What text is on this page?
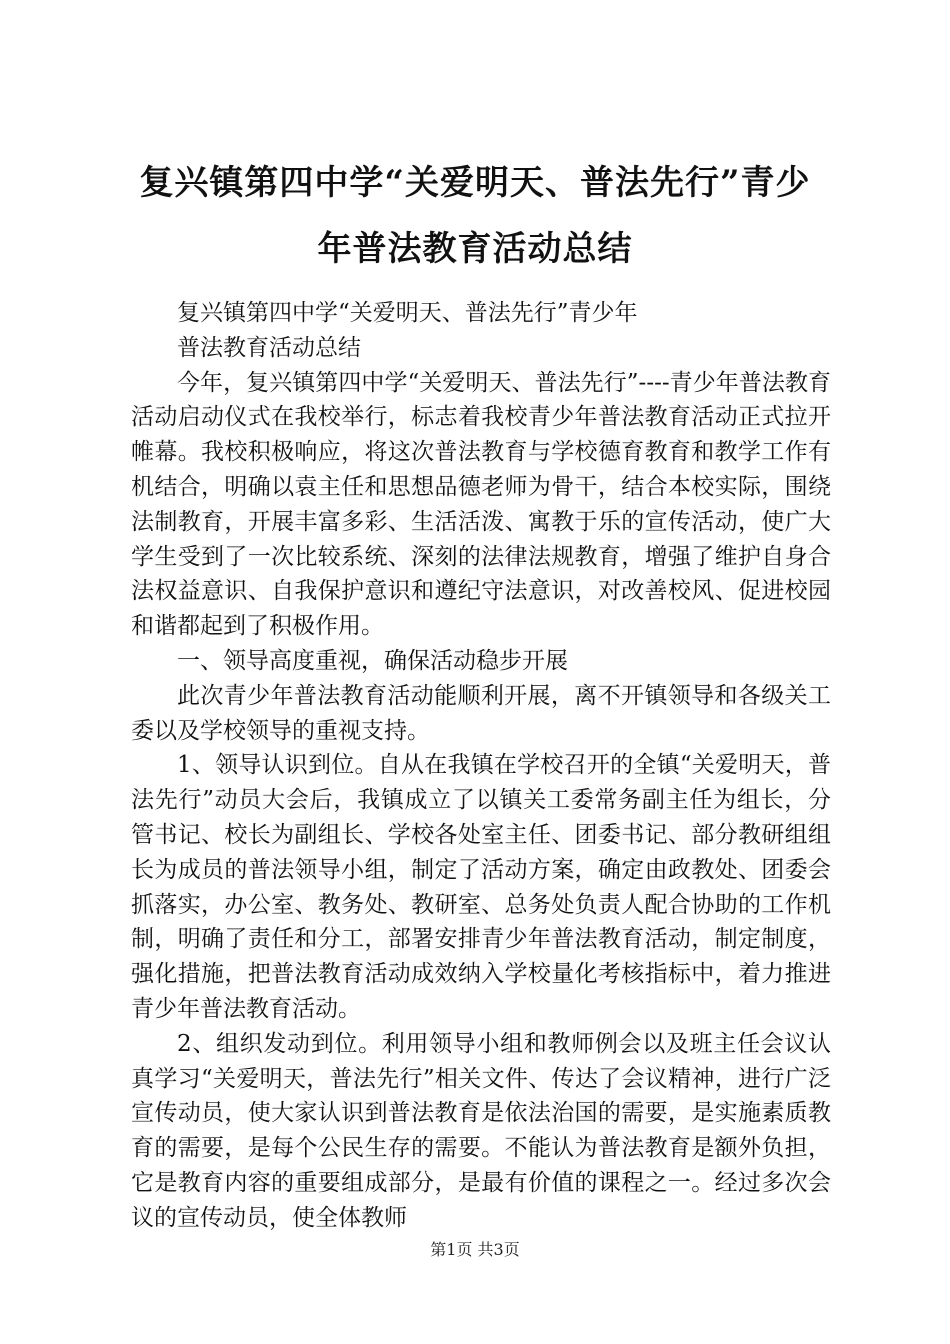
复兴镇第四中学“关爱明天、普法先行”青少
年普法教育活动总结

复兴镇第四中学“关爱明天、普法先行”青少年

普法教育活动总结

今年，复兴镇第四中学“关爱明天、普法先行”----青少年普法教育活动启动仪式在我校举行，标志着我校青少年普法教育活动正式拉开帷幕。我校积极响应，将这次普法教育与学校德育教育和教学工作有机结合，明确以袁主任和思想品德老师为骨干，结合本校实际，围绕法制教育，开展丰富多彩、生活活泼、寓教于乐的宣传活动，使广大学生受到了一次比较系统、深刻的法律法规教育，增强了维护自身合法权益意识、自我保护意识和遵纪守法意识，对改善校风、促进校园和谐都起到了积极作用。

一、领导高度重视，确保活动稳步开展

此次青少年普法教育活动能顺利开展，离不开镇领导和各级关工委以及学校领导的重视支持。

1、领导认识到位。自从在我镇在学校召开的全镇“关爱明天，普法先行”动员大会后，我镇成立了以镇关工委常务副主任为组长，分管书记、校长为副组长、学校各处室主任、团委书记、部分教研组组长为成员的普法领导小组，制定了活动方案，确定由政教处、团委会抓落实，办公室、教务处、教研室、总务处负责人配合协助的工作机制，明确了责任和分工，部署安排青少年普法教育活动，制定制度，强化措施，把普法教育活动成效纳入学校量化考核指标中，着力推进青少年普法教育活动。

2、组织发动到位。利用领导小组和教师例会以及班主任会议认真学习“关爱明天，普法先行”相关文件、传达了会议精神，进行广泛宣传动员，使大家认识到普法教育是依法治国的需要，是实施素质教育的需要，是每个公民生存的需要。不能认为普法教育是额外负担，它是教育内容的重要组成部分，是最有价值的课程之一。经过多次会议的宣传动员，使全体教师

第1页 共3页
